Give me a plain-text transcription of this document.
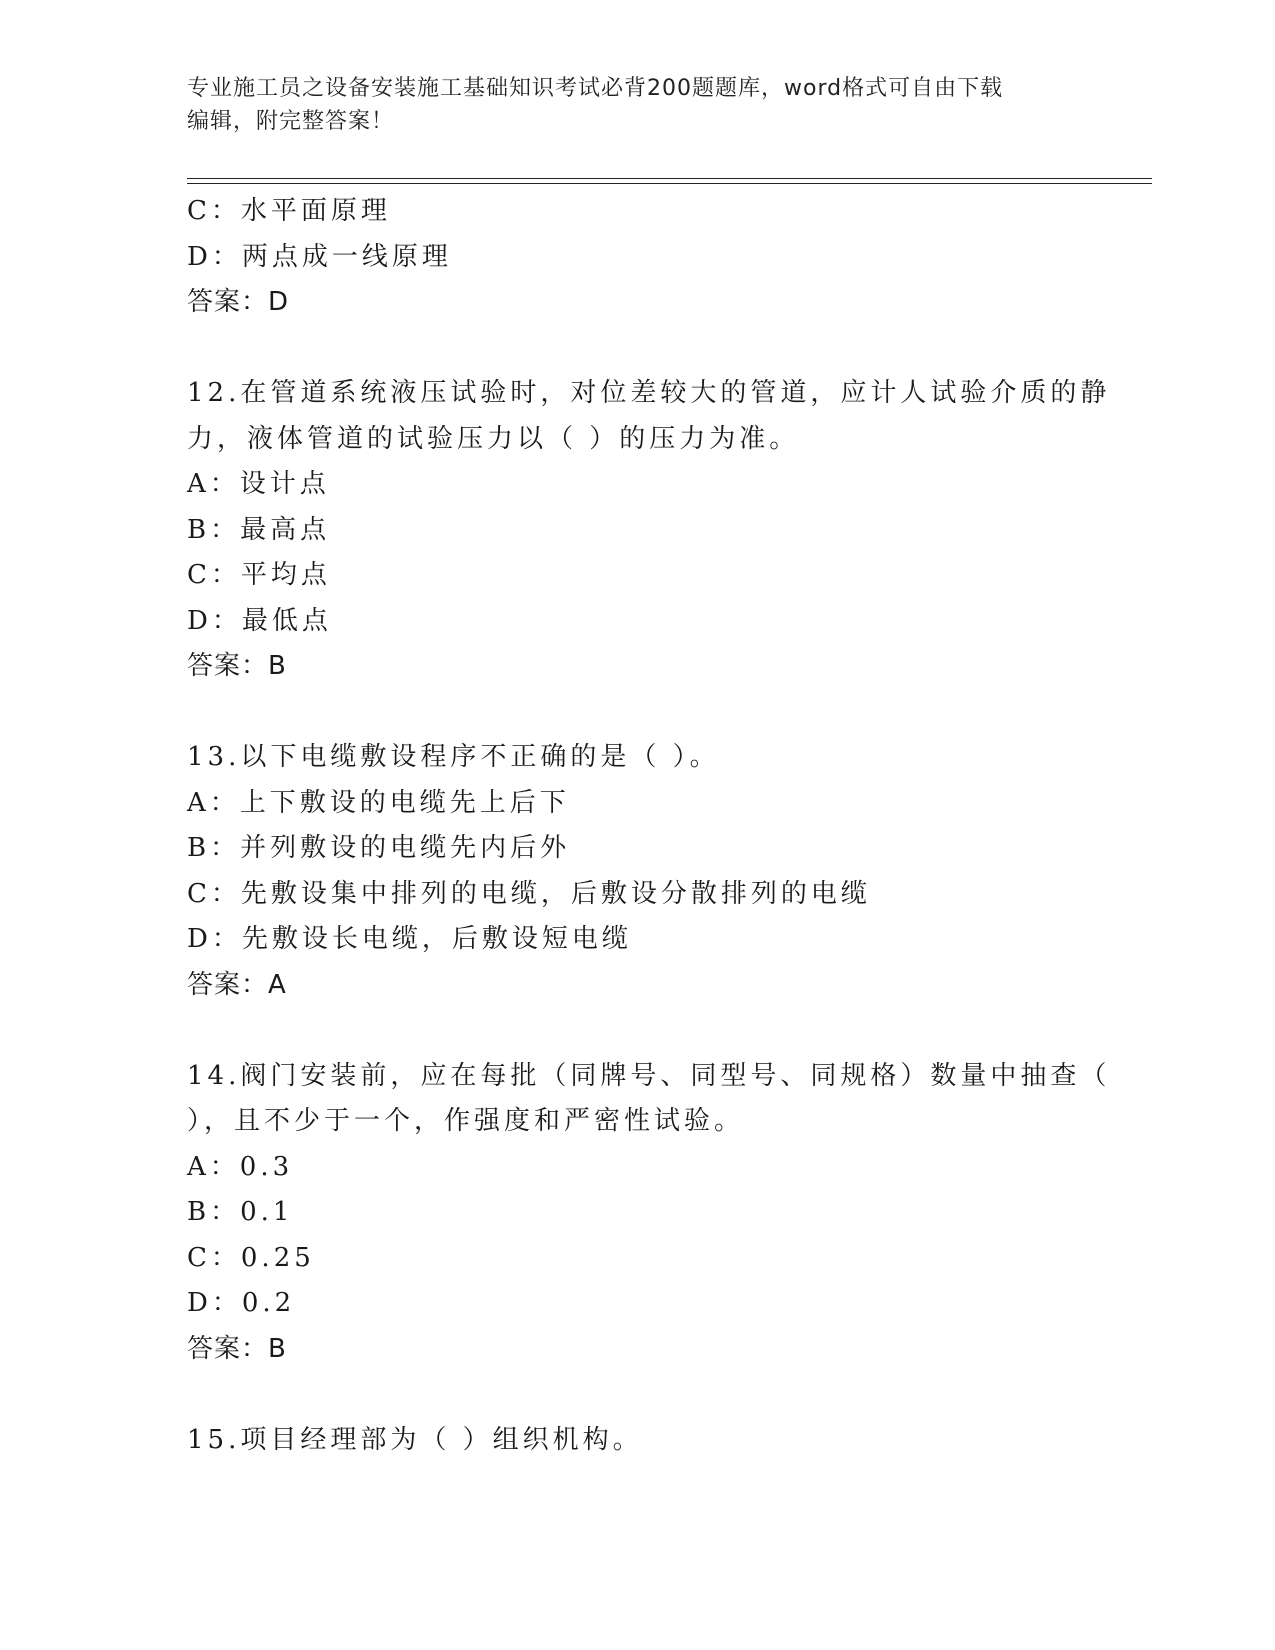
专业施工员之设备安装施工基础知识考试必背200题题库，word格式可自由下载
编辑，附完整答案！
C：水平面原理
D：两点成一线原理
答案：D
12.在管道系统液压试验时，对位差较大的管道，应计人试验介质的静
力，液体管道的试验压力以（ ）的压力为准。
A：设计点
B：最高点
C：平均点
D：最低点
答案：B
13.以下电缆敷设程序不正确的是（ ）。
A：上下敷设的电缆先上后下
B：并列敷设的电缆先内后外
C：先敷设集中排列的电缆，后敷设分散排列的电缆
D：先敷设长电缆，后敷设短电缆
答案：A
14.阀门安装前，应在每批（同牌号、同型号、同规格）数量中抽查（
），且不少于一个，作强度和严密性试验。
A：0.3
B：0.1
C：0.25
D：0.2
答案：B
15.项目经理部为（ ）组织机构。
